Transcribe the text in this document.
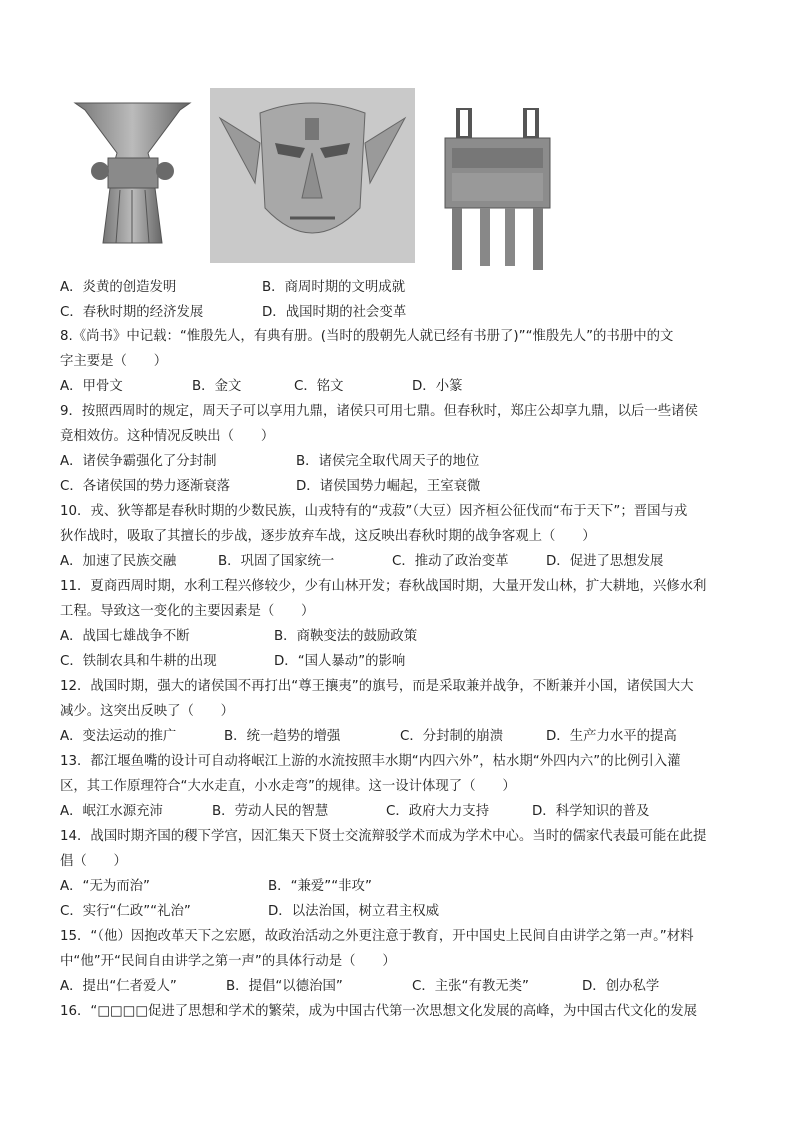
A．炎黄的创造发明	B．商周时期的文明成就
C．春秋时期的经济发展	D．战国时期的社会变革
8.《尚书》中记载：“惟殷先人，有典有册。(当时的殷朝先人就已经有书册了)”“惟殷先人”的书册中的文
字主要是（　　）
A．甲骨文	B．金文	C．铭文	D．小篆
9．按照西周时的规定，周天子可以享用九鼎，诸侯只可用七鼎。但春秋时，郑庄公却享九鼎，以后一些诸侯
竟相效仿。这种情况反映出（　　）
A．诸侯争霸强化了分封制	B．诸侯完全取代周天子的地位
C．各诸侯国的势力逐渐衰落	D．诸侯国势力崛起，王室衰微
10．戎、狄等都是春秋时期的少数民族，山戎特有的“戎菽”（大豆）因齐桓公征伐而“布于天下”；晋国与戎
狄作战时，吸取了其擅长的步战，逐步放弃车战，这反映出春秋时期的战争客观上（　　）
A．加速了民族交融	B．巩固了国家统一	C．推动了政治变革	D．促进了思想发展
11．夏商西周时期，水利工程兴修较少，少有山林开发；春秋战国时期，大量开发山林，扩大耕地，兴修水利
工程。导致这一变化的主要因素是（　　）
A．战国七雄战争不断	B．商鞅变法的鼓励政策
C．铁制农具和牛耕的出现	D．“国人暴动”的影响
12．战国时期，强大的诸侯国不再打出“尊王攘夷”的旗号，而是采取兼并战争，不断兼并小国，诸侯国大大
减少。这突出反映了（　　）
A．变法运动的推广	B．统一趋势的增强	C．分封制的崩溃	D．生产力水平的提高
13．都江堰鱼嘴的设计可自动将岷江上游的水流按照丰水期“内四六外”，枯水期“外四内六”的比例引入灌
区，其工作原理符合“大水走直，小水走弯”的规律。这一设计体现了（　　）
A．岷江水源充沛	B．劳动人民的智慧	C．政府大力支持	D．科学知识的普及
14．战国时期齐国的稷下学宫，因汇集天下贤士交流辩驳学术而成为学术中心。当时的儒家代表最可能在此提
倡（　　）
A．“无为而治”	B．“兼爱”“非攻”
C．实行“仁政”“礼治”	D．以法治国，树立君主权威
15．“（他）因抱改革天下之宏愿，故政治活动之外更注意于教育，开中国史上民间自由讲学之第一声。”材料
中“他”开“民间自由讲学之第一声”的具体行动是（　　）
A．提出“仁者爱人”	B．提倡“以德治国”	C．主张“有教无类”	D．创办私学
16．“□□□□促进了思想和学术的繁荣，成为中国古代第一次思想文化发展的高峰，为中国古代文化的发展
